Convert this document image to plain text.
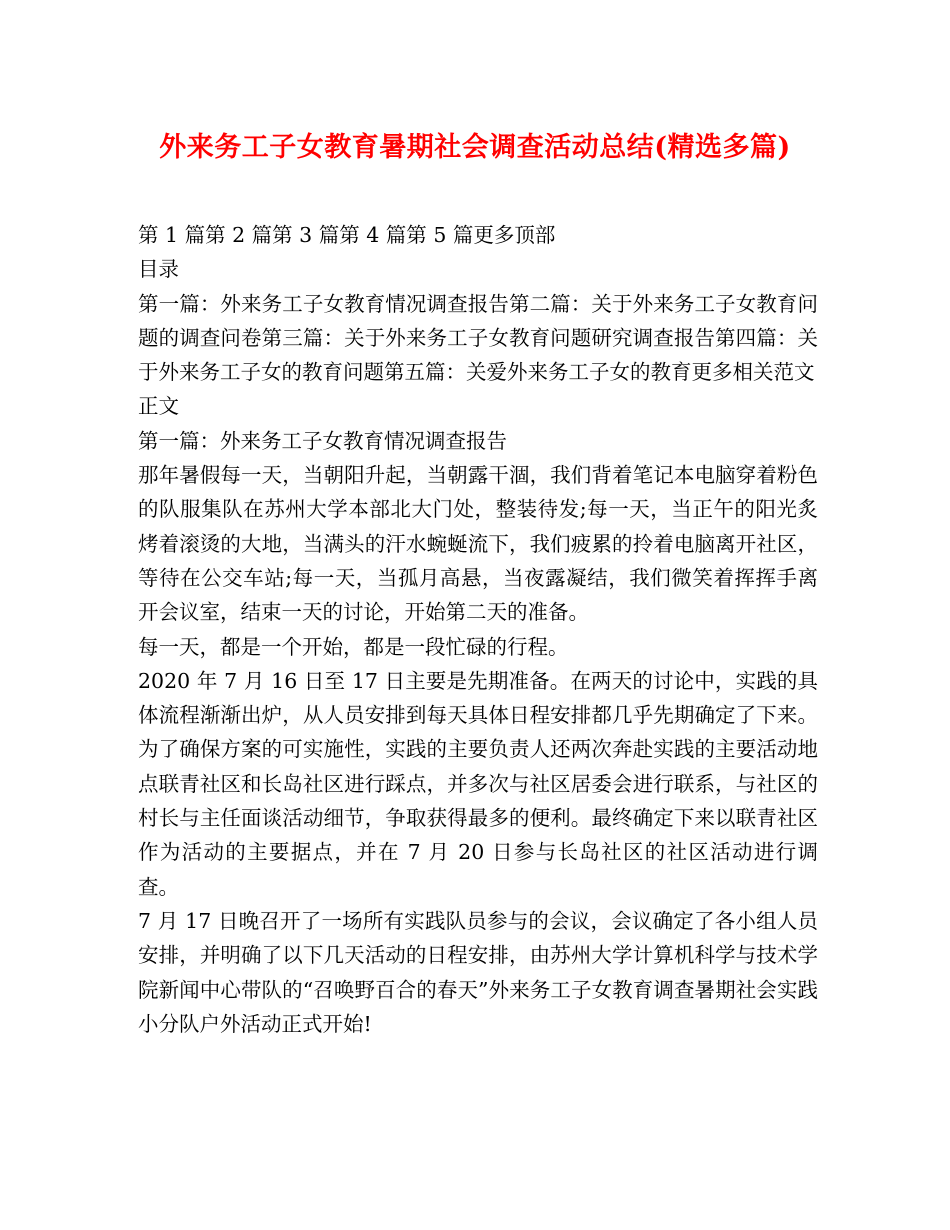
外来务工子女教育暑期社会调查活动总结(精选多篇)

第 1 篇第 2 篇第 3 篇第 4 篇第 5 篇更多顶部

目录

第一篇：外来务工子女教育情况调查报告第二篇：关于外来务工子女教育问题的调查问卷第三篇：关于外来务工子女教育问题研究调查报告第四篇：关于外来务工子女的教育问题第五篇：关爱外来务工子女的教育更多相关范文

正文

第一篇：外来务工子女教育情况调查报告

那年暑假每一天，当朝阳升起，当朝露干涸，我们背着笔记本电脑穿着粉色的队服集队在苏州大学本部北大门处，整装待发;每一天，当正午的阳光炙烤着滚烫的大地，当满头的汗水蜿蜒流下，我们疲累的拎着电脑离开社区，等待在公交车站;每一天，当孤月高悬，当夜露凝结，我们微笑着挥挥手离开会议室，结束一天的讨论，开始第二天的准备。

每一天，都是一个开始，都是一段忙碌的行程。

2020 年 7 月 16 日至 17 日主要是先期准备。在两天的讨论中，实践的具体流程渐渐出炉，从人员安排到每天具体日程安排都几乎先期确定了下来。为了确保方案的可实施性，实践的主要负责人还两次奔赴实践的主要活动地点联青社区和长岛社区进行踩点，并多次与社区居委会进行联系，与社区的村长与主任面谈活动细节，争取获得最多的便利。最终确定下来以联青社区作为活动的主要据点，并在 7 月 20 日参与长岛社区的社区活动进行调查。

7 月 17 日晚召开了一场所有实践队员参与的会议，会议确定了各小组人员安排，并明确了以下几天活动的日程安排，由苏州大学计算机科学与技术学院新闻中心带队的“召唤野百合的春天”外来务工子女教育调查暑期社会实践小分队户外活动正式开始!
